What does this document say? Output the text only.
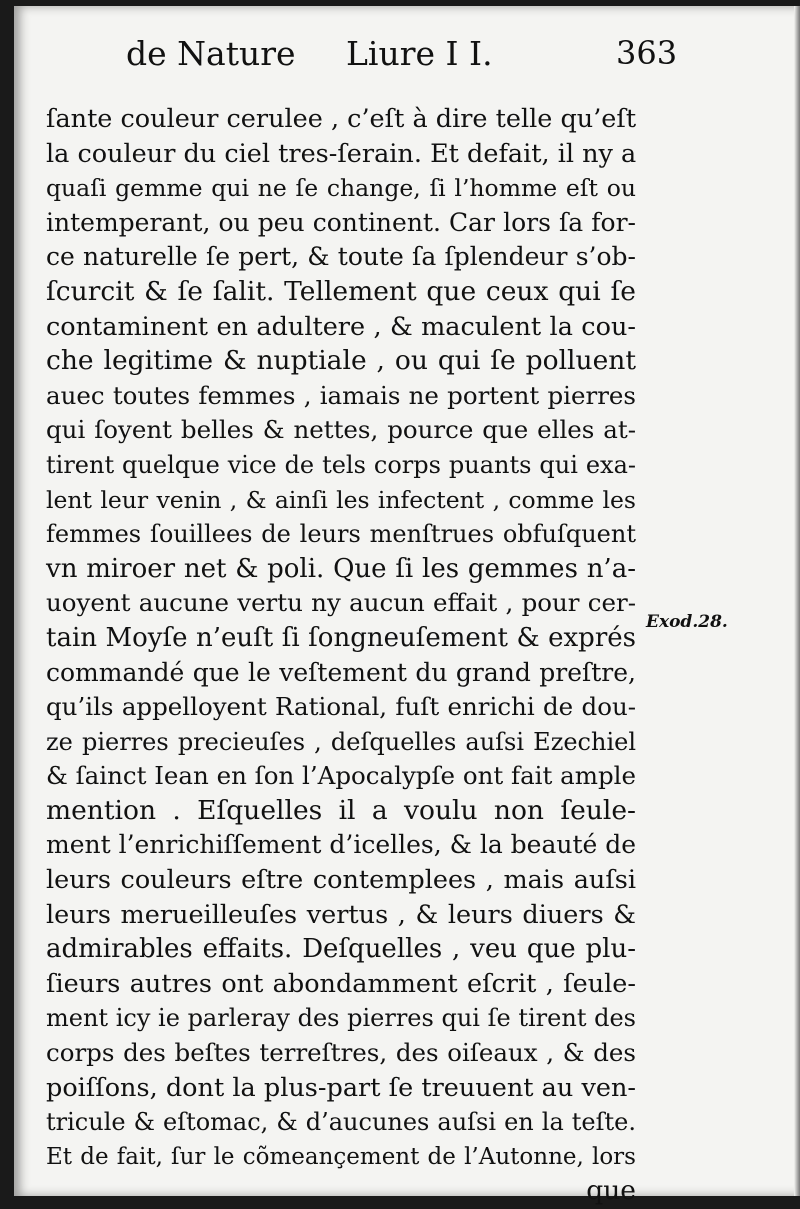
de Nature Liure I I.	363
ſante couleur cerulee , c’eſt à dire telle qu’eſt
la couleur du ciel tres-ſerain. Et defait, il ny a
quaſi gemme qui ne ſe change, ſi l’homme eſt ou
intemperant, ou peu continent. Car lors ſa for-
ce naturelle ſe pert, & toute ſa ſplendeur s’ob-
ſcurcit & ſe ſalit. Tellement que ceux qui ſe
contaminent en adultere , & maculent la cou-
che legitime & nuptiale , ou qui ſe polluent
auec toutes femmes , iamais ne portent pierres
qui ſoyent belles & nettes, pource que elles at-
tirent quelque vice de tels corps puants qui exa-
lent leur venin , & ainſi les infectent , comme les
femmes ſouillees de leurs menſtrues obfuſquent
vn miroer net & poli. Que ſi les gemmes n’a-
uoyent aucune vertu ny aucun effait , pour cer-
tain Moyſe n’euſt ſi ſongneuſement & exprés
commandé que le veſtement du grand preſtre,
qu’ils appelloyent Rational, fuſt enrichi de dou-
ze pierres precieuſes , deſquelles auſsi Ezechiel
& ſainct Iean en ſon l’Apocalypſe ont fait ample
mention . Eſquelles il a voulu non ſeule-
ment l’enrichiſſement d’icelles, & la beauté de
leurs couleurs eſtre contemplees , mais auſsi
leurs merueilleuſes vertus , & leurs diuers &
admirables effaits. Deſquelles , veu que plu-
ſieurs autres ont abondamment eſcrit , ſeule-
ment icy ie parleray des pierres qui ſe tirent des
corps des beſtes terreſtres, des oiſeaux , & des
poiſſons, dont la plus-part ſe treuuent au ven-
tricule & eſtomac, & d’aucunes auſsi en la teſte.
Et de fait, ſur le cõmeançement de l’Autonne, lors
que
Exod.28.
